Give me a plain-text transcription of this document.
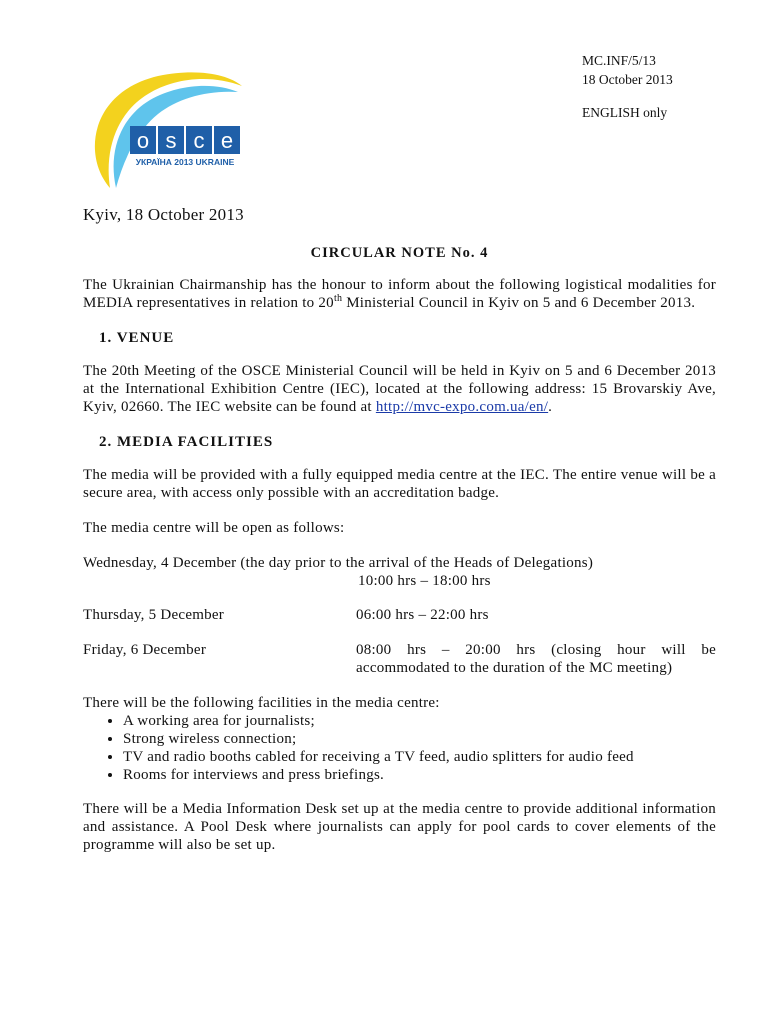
o s c e
УКРАЇНА 2013 UKRAINE
MC.INF/5/13
18 October 2013
ENGLISH only
Kyiv, 18 October 2013
CIRCULAR NOTE No. 4

The Ukrainian Chairmanship has the honour to inform about the following logistical modalities for MEDIA representatives in relation to 20th Ministerial Council in Kyiv on 5 and 6 December 2013.

1. VENUE

The 20th Meeting of the OSCE Ministerial Council will be held in Kyiv on 5 and 6 December 2013 at the International Exhibition Centre (IEC), located at the following address: 15 Brovarskiy Ave, Kyiv, 02660. The IEC website can be found at http://mvc-expo.com.ua/en/.

2. MEDIA FACILITIES

The media will be provided with a fully equipped media centre at the IEC. The entire venue will be a secure area, with access only possible with an accreditation badge.

The media centre will be open as follows:

Wednesday, 4 December (the day prior to the arrival of the Heads of Delegations)
10:00 hrs – 18:00 hrs
Thursday, 5 December	06:00 hrs – 22:00 hrs
Friday, 6 December	08:00 hrs – 20:00 hrs (closing hour will be accommodated to the duration of the MC meeting)
There will be the following facilities in the media centre:
• A working area for journalists;
• Strong wireless connection;
• TV and radio booths cabled for receiving a TV feed, audio splitters for audio feed
• Rooms for interviews and press briefings.

There will be a Media Information Desk set up at the media centre to provide additional information and assistance. A Pool Desk where journalists can apply for pool cards to cover elements of the programme will also be set up.
